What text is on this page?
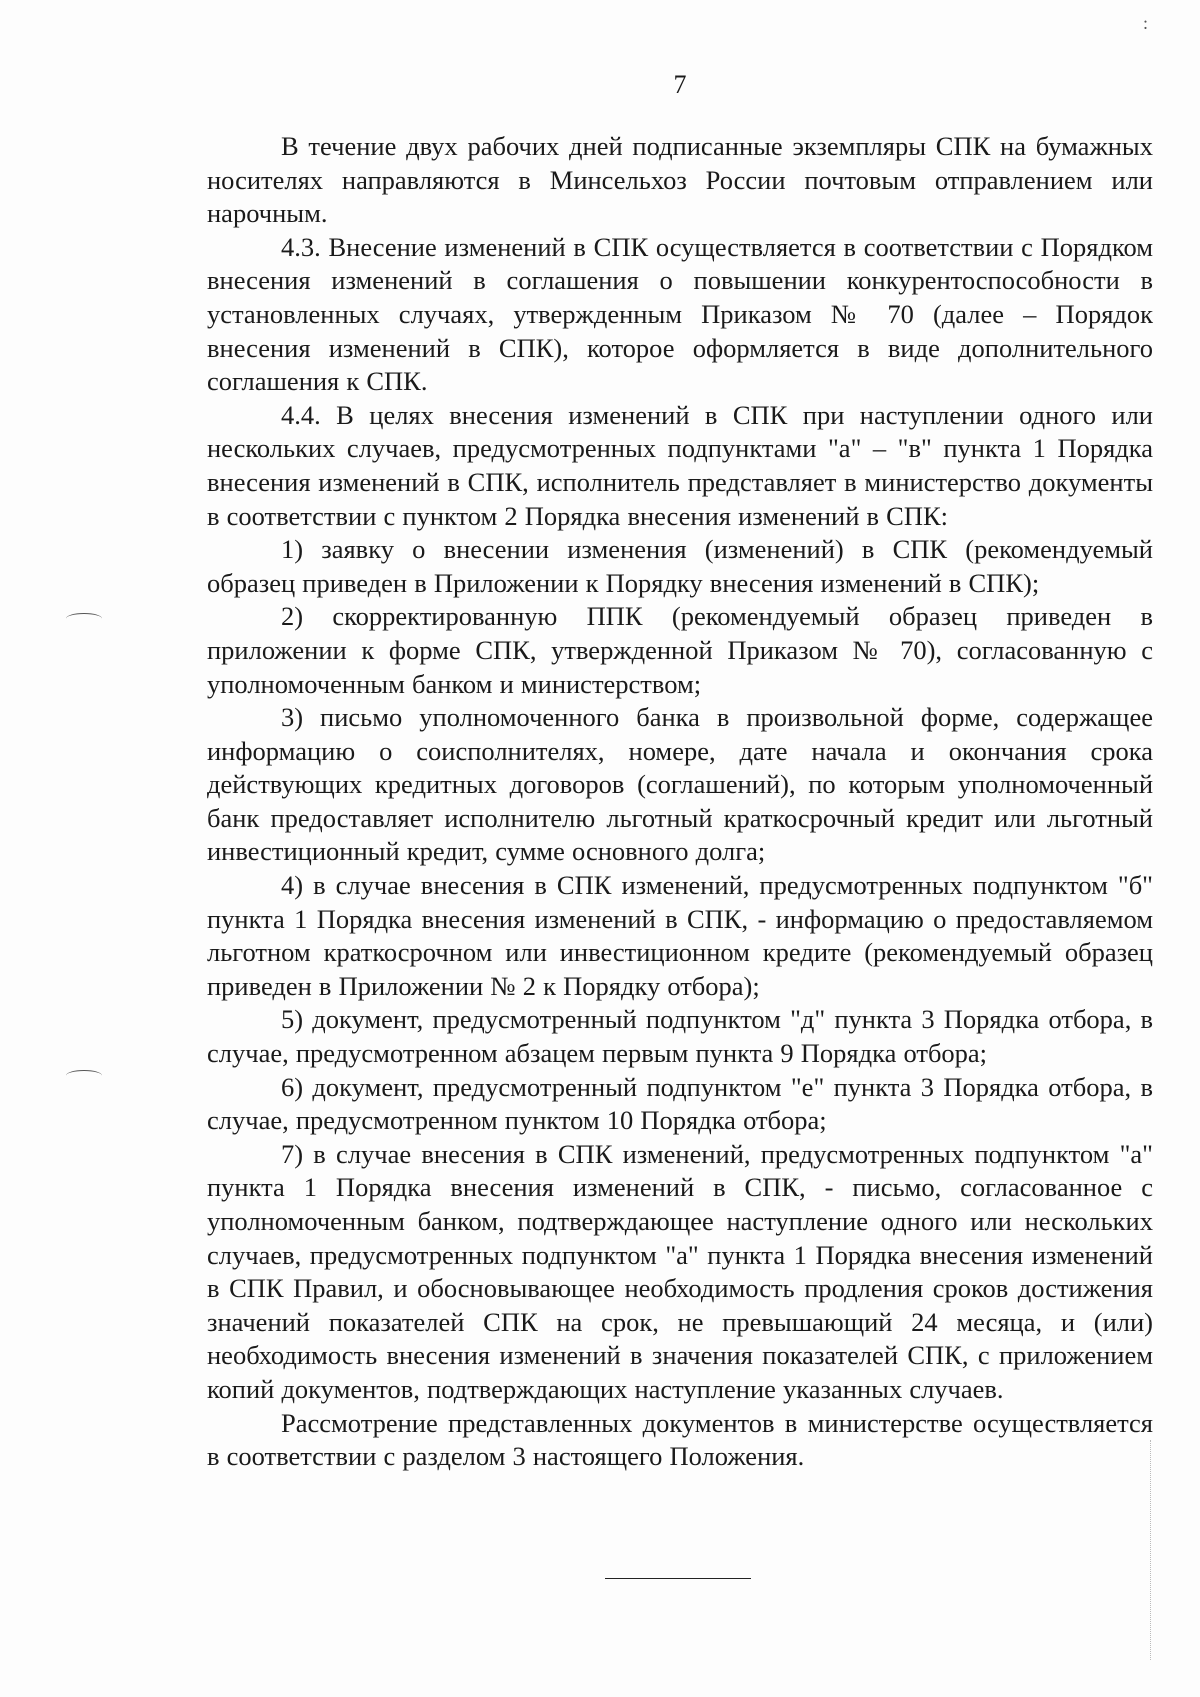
:
7

В течение двух рабочих дней подписанные экземпляры СПК на бумажных носителях направляются в Минсельхоз России почтовым отправлением или нарочным.

4.3. Внесение изменений в СПК осуществляется в соответствии с Порядком внесения изменений в соглашения о повышении конкурентоспособности в установленных случаях, утвержденным Приказом № 70 (далее – Порядок внесения изменений в СПК), которое оформляется в виде дополнительного соглашения к СПК.

4.4. В целях внесения изменений в СПК при наступлении одного или нескольких случаев, предусмотренных подпунктами "а" – "в" пункта 1 Порядка внесения изменений в СПК, исполнитель представляет в министерство документы в соответствии с пунктом 2 Порядка внесения изменений в СПК:

1) заявку о внесении изменения (изменений) в СПК (рекомендуемый образец приведен в Приложении к Порядку внесения изменений в СПК);

2) скорректированную ППК (рекомендуемый образец приведен в приложении к форме СПК, утвержденной Приказом № 70), согласованную с уполномоченным банком и министерством;

3) письмо уполномоченного банка в произвольной форме, содержащее информацию о соисполнителях, номере, дате начала и окончания срока действующих кредитных договоров (соглашений), по которым уполномоченный банк предоставляет исполнителю льготный краткосрочный кредит или льготный инвестиционный кредит, сумме основного долга;

4) в случае внесения в СПК изменений, предусмотренных подпунктом "б" пункта 1 Порядка внесения изменений в СПК, - информацию о предоставляемом льготном краткосрочном или инвестиционном кредите (рекомендуемый образец приведен в Приложении № 2 к Порядку отбора);

5) документ, предусмотренный подпунктом "д" пункта 3 Порядка отбора, в случае, предусмотренном абзацем первым пункта 9 Порядка отбора;

6) документ, предусмотренный подпунктом "е" пункта 3 Порядка отбора, в случае, предусмотренном пунктом 10 Порядка отбора;

7) в случае внесения в СПК изменений, предусмотренных подпунктом "а" пункта 1 Порядка внесения изменений в СПК, - письмо, согласованное с уполномоченным банком, подтверждающее наступление одного или нескольких случаев, предусмотренных подпунктом "а" пункта 1 Порядка внесения изменений в СПК Правил, и обосновывающее необходимость продления сроков достижения значений показателей СПК на срок, не превышающий 24 месяца, и (или) необходимость внесения изменений в значения показателей СПК, с приложением копий документов, подтверждающих наступление указанных случаев.

Рассмотрение представленных документов в министерстве осуществляется в соответствии с разделом 3 настоящего Положения.
